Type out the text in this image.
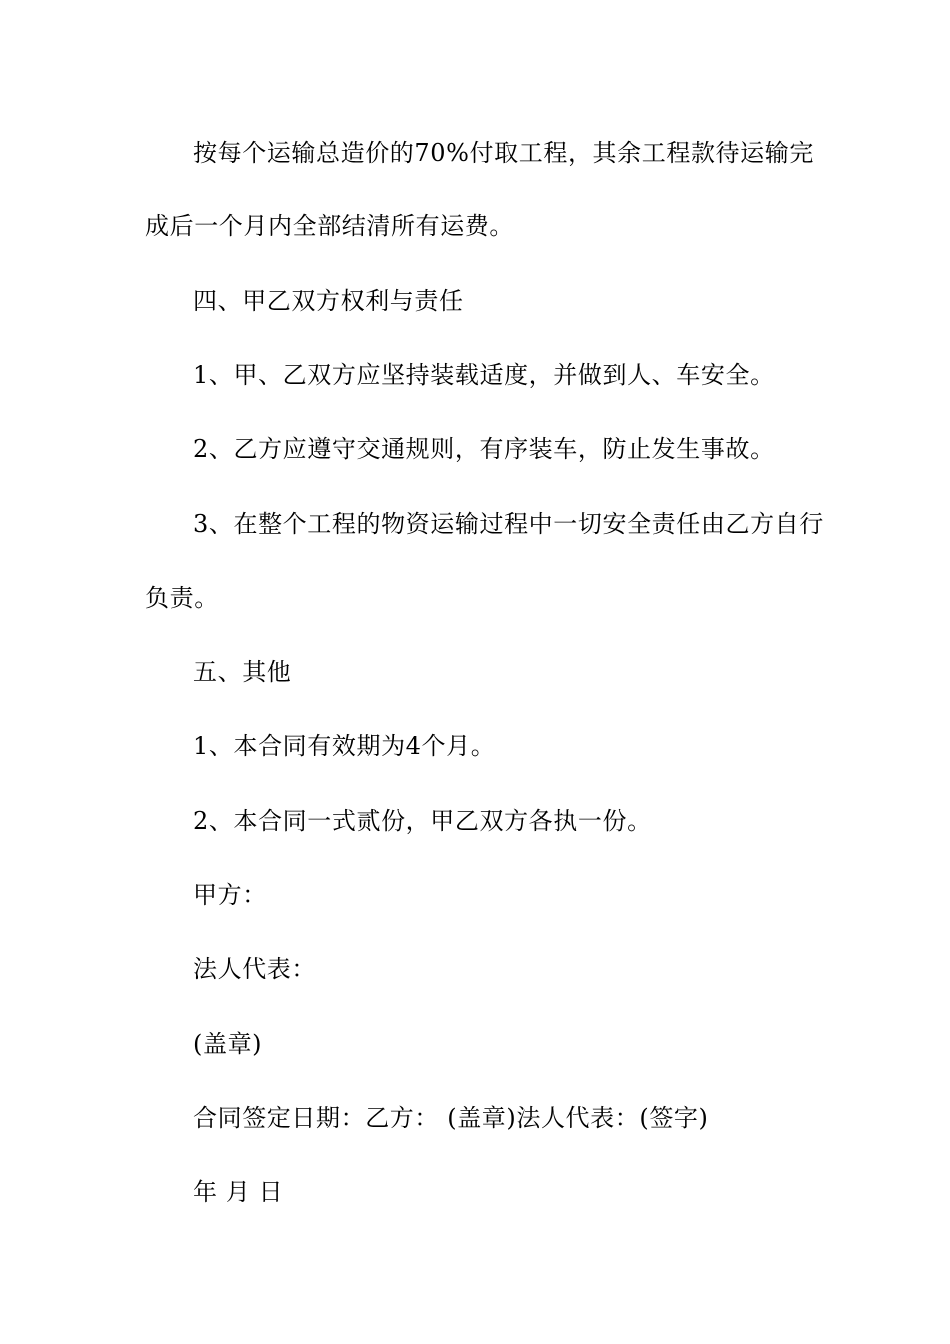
按每个运输总造价的70%付取工程，其余工程款待运输完
成后一个月内全部结清所有运费。
四、甲乙双方权利与责任
1、甲、乙双方应坚持装载适度，并做到人、车安全。
2、乙方应遵守交通规则，有序装车，防止发生事故。
3、在整个工程的物资运输过程中一切安全责任由乙方自行
负责。
五、其他
1、本合同有效期为4个月。
2、本合同一式贰份，甲乙双方各执一份。
甲方：
法人代表：
(盖章)
合同签定日期：乙方： (盖章)法人代表：(签字)
年 月 日
